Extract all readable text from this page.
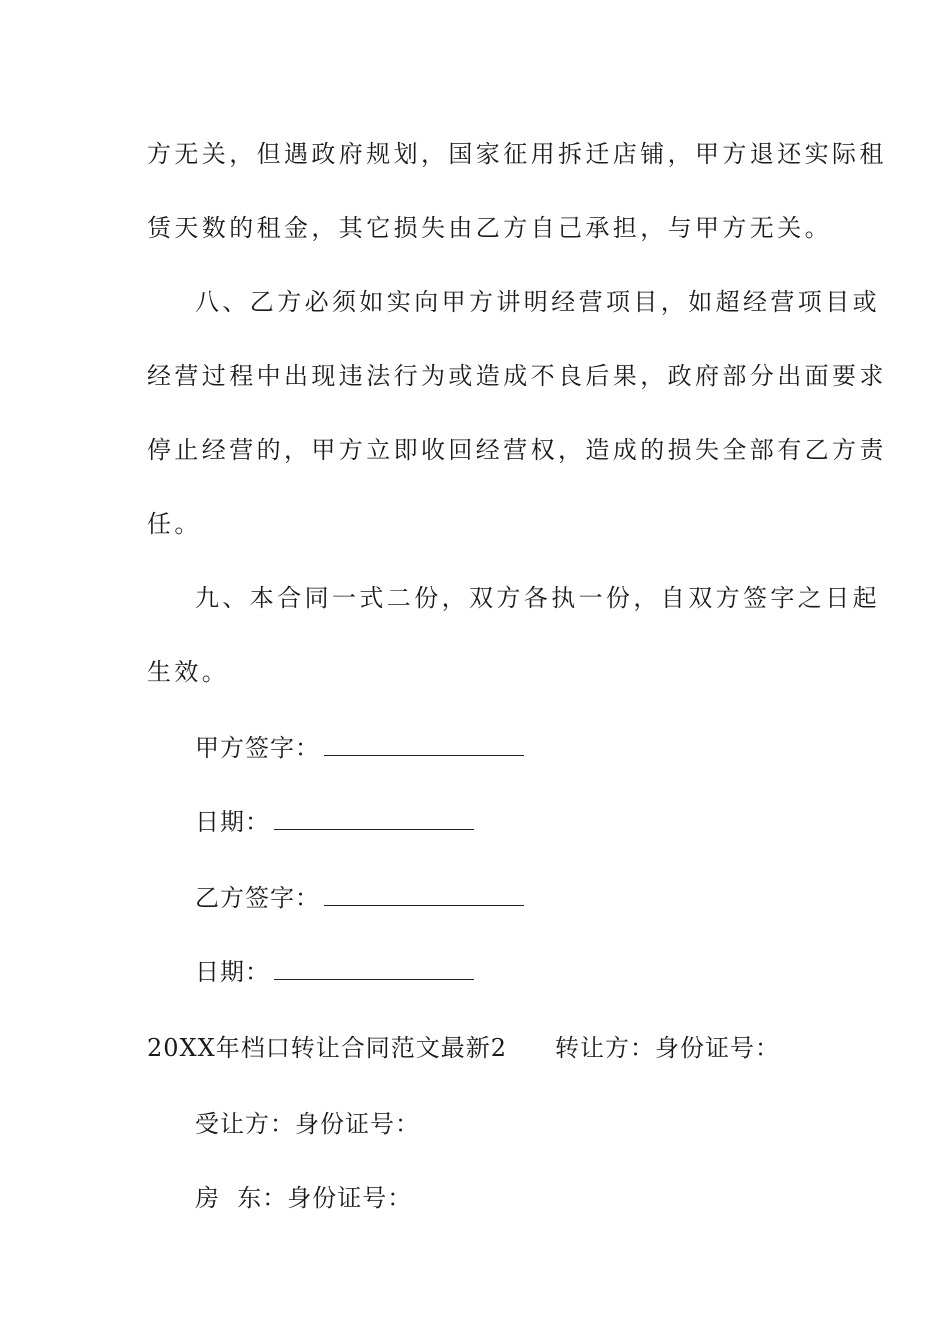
方无关，但遇政府规划，国家征用拆迁店铺，甲方退还实际租
赁天数的租金，其它损失由乙方自己承担，与甲方无关。
八、乙方必须如实向甲方讲明经营项目，如超经营项目或
经营过程中出现违法行为或造成不良后果，政府部分出面要求
停止经营的，甲方立即收回经营权，造成的损失全部有乙方责
任。
九、本合同一式二份，双方各执一份，自双方签字之日起
生效。
甲方签字：
日期：
乙方签字：
日期：
20XX年档口转让合同范文最新2 转让方：身份证号：
受让方：身份证号：
房  东：身份证号：
